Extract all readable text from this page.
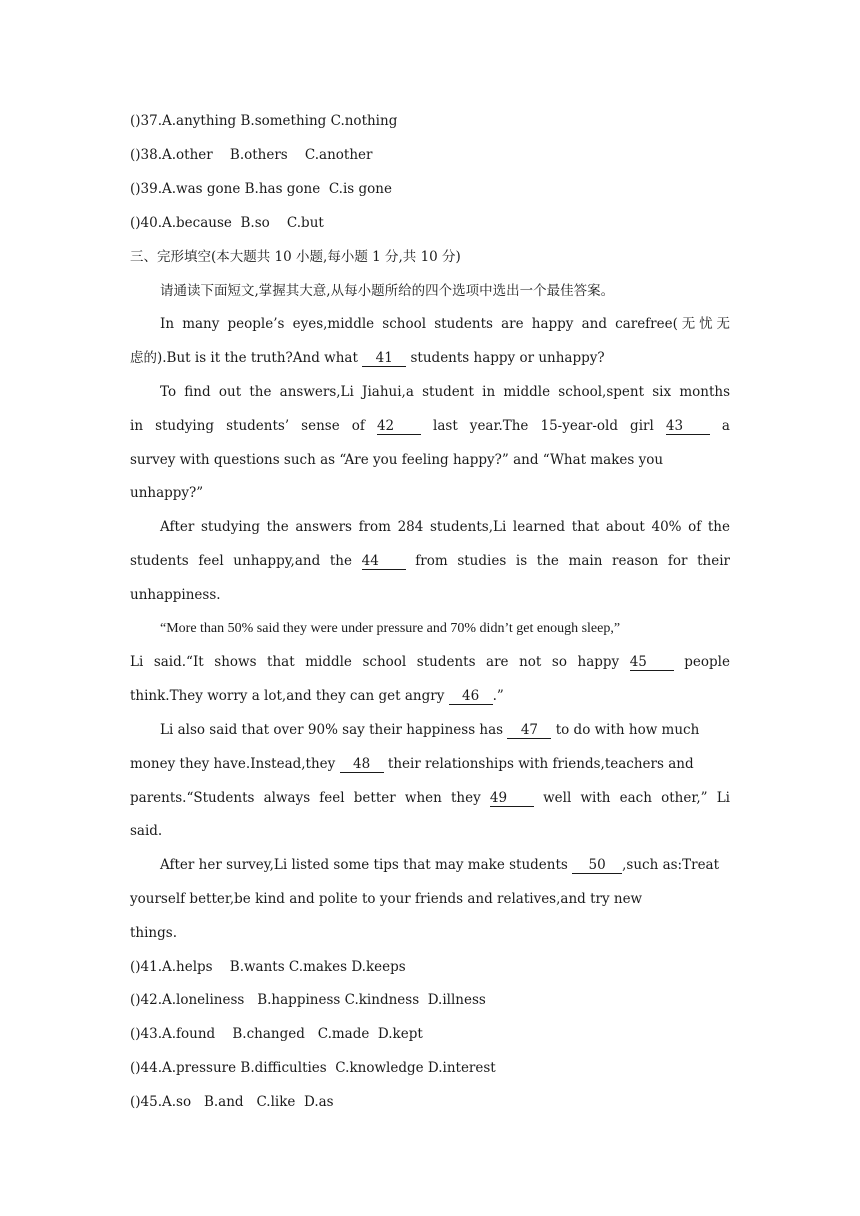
()37.A.anything B.something C.nothing
()38.A.other    B.others    C.another
()39.A.was gone B.has gone  C.is gone
()40.A.because  B.so    C.but
三、完形填空(本大题共 10 小题,每小题 1 分,共 10 分)
请通读下面短文,掌握其大意,从每小题所给的四个选项中选出一个最佳答案。
In many people’s eyes,middle school students are happy and carefree(无忧无
虑的).But is it the truth?And what 41 students happy or unhappy?
To find out the answers,Li Jiahui,a student in middle school,spent six months
in studying students’ sense of 42	last year.The 15-year-old girl 43	a
survey with questions such as “Are you feeling happy?” and “What makes you
unhappy?”
After studying the answers from 284 students,Li learned that about 40% of the
students feel unhappy,and the 44	from studies is the main reason for their
unhappiness.
“More than 50% said they were under pressure and 70% didn’t get enough sleep,”
Li said.“It shows that middle school students are not so happy 45	people
think.They worry a lot,and they can get angry 46 .”
Li also said that over 90% say their happiness has 47 to do with how much
money they have.Instead,they 48 their relationships with friends,teachers and
parents.“Students always feel better when they 49	well with each other,” Li
said.
After her survey,Li listed some tips that may make students 50 ,such as:Treat
yourself better,be kind and polite to your friends and relatives,and try new
things.
()41.A.helps    B.wants C.makes D.keeps
()42.A.loneliness   B.happiness C.kindness  D.illness
()43.A.found    B.changed   C.made  D.kept
()44.A.pressure B.difficulties  C.knowledge D.interest
()45.A.so   B.and   C.like  D.as
